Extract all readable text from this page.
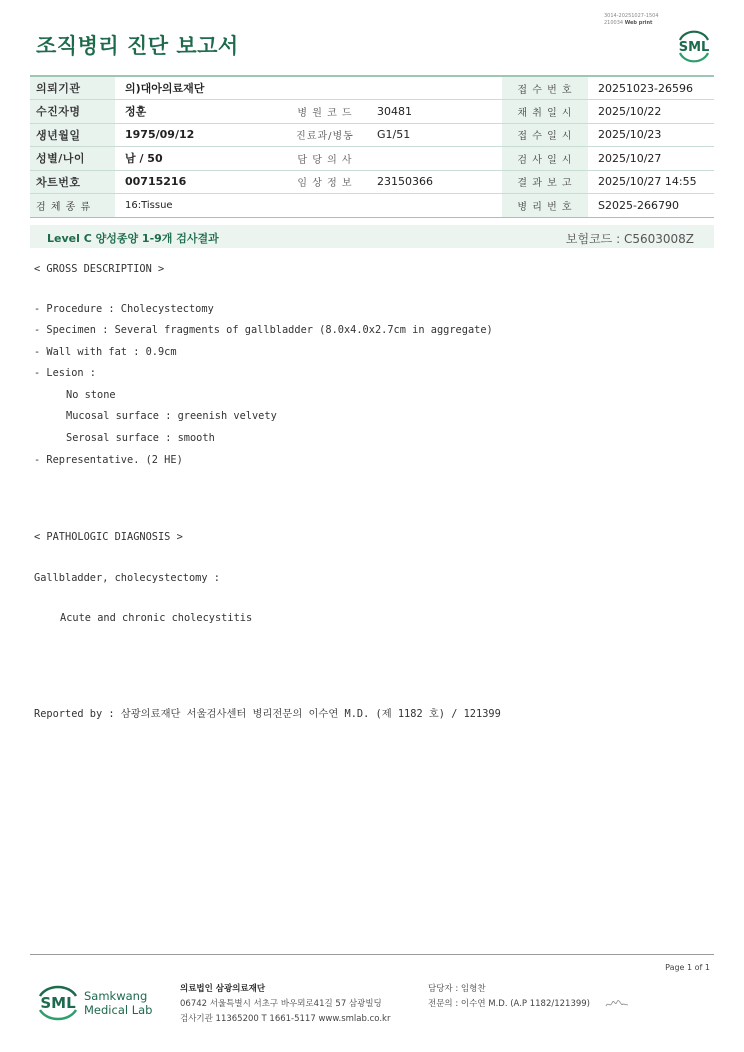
3014-20251027-1504
210034 Web print
조직병리 진단 보고서	SML
의뢰기관	의)대아의료재단			접 수 번 호	20251023-26596
수진자명	정훈	병 원 코 드	30481	채 취 일 시	2025/10/22
생년월일	1975/09/12	진료과/병동	G1/51	접 수 일 시	2025/10/23
성별/나이	남 / 50	담 당 의 사		검 사 일 시	2025/10/27
차트번호	00715216	임 상 정 보	23150366	결 과 보 고	2025/10/27 14:55
검 체 종 류	16:Tissue			병 리 번 호	S2025-266790
Level C 양성종양 1-9개 검사결과	보험코드 : C5603008Z
< GROSS DESCRIPTION >
- Procedure : Cholecystectomy
- Specimen : Several fragments of gallbladder (8.0x4.0x2.7cm in aggregate)
- Wall with fat : 0.9cm
- Lesion :
No stone
Mucosal surface : greenish velvety
Serosal surface : smooth
- Representative. (2 HE)
< PATHOLOGIC DIAGNOSIS >
Gallbladder, cholecystectomy :
Acute and chronic cholecystitis
Reported by : 삼광의료재단 서울검사센터 병리전문의 이수연 M.D. (제 1182 호) / 121399
Page 1 of 1
SML Samkwang
Medical Lab
의료법인 삼광의료재단
06742 서울특별시 서초구 바우뫼로41길 57 삼광빌딩
검사기관 11365200 T 1661-5117 www.smlab.co.kr
담당자 : 임형찬
전문의 : 이수연 M.D. (A.P 1182/121399)
